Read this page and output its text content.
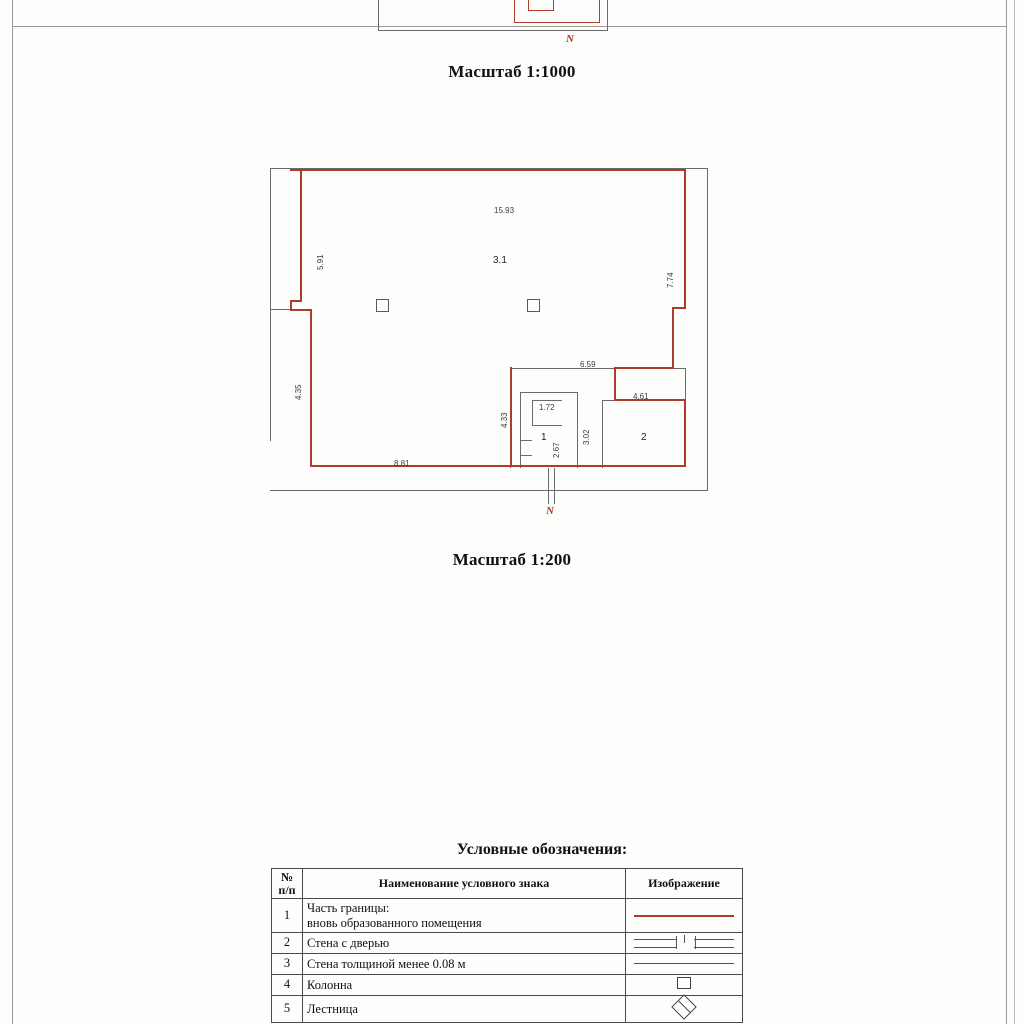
N
Масштаб 1:1000
15.93
5.91
4.35
7.74
8.81
6.59
4.61
4.33
1.72
2.67
3.02
3.1
1	2
N
Масштаб 1:200
Условные обозначения:
№
п/п	Наименование условного знака	Изображение
1	Часть границы:
вновь образованного помещения	

2	Стена с дверью	

3	Стена толщиной менее 0.08 м	

4	Колонна	
5	Лестница	
